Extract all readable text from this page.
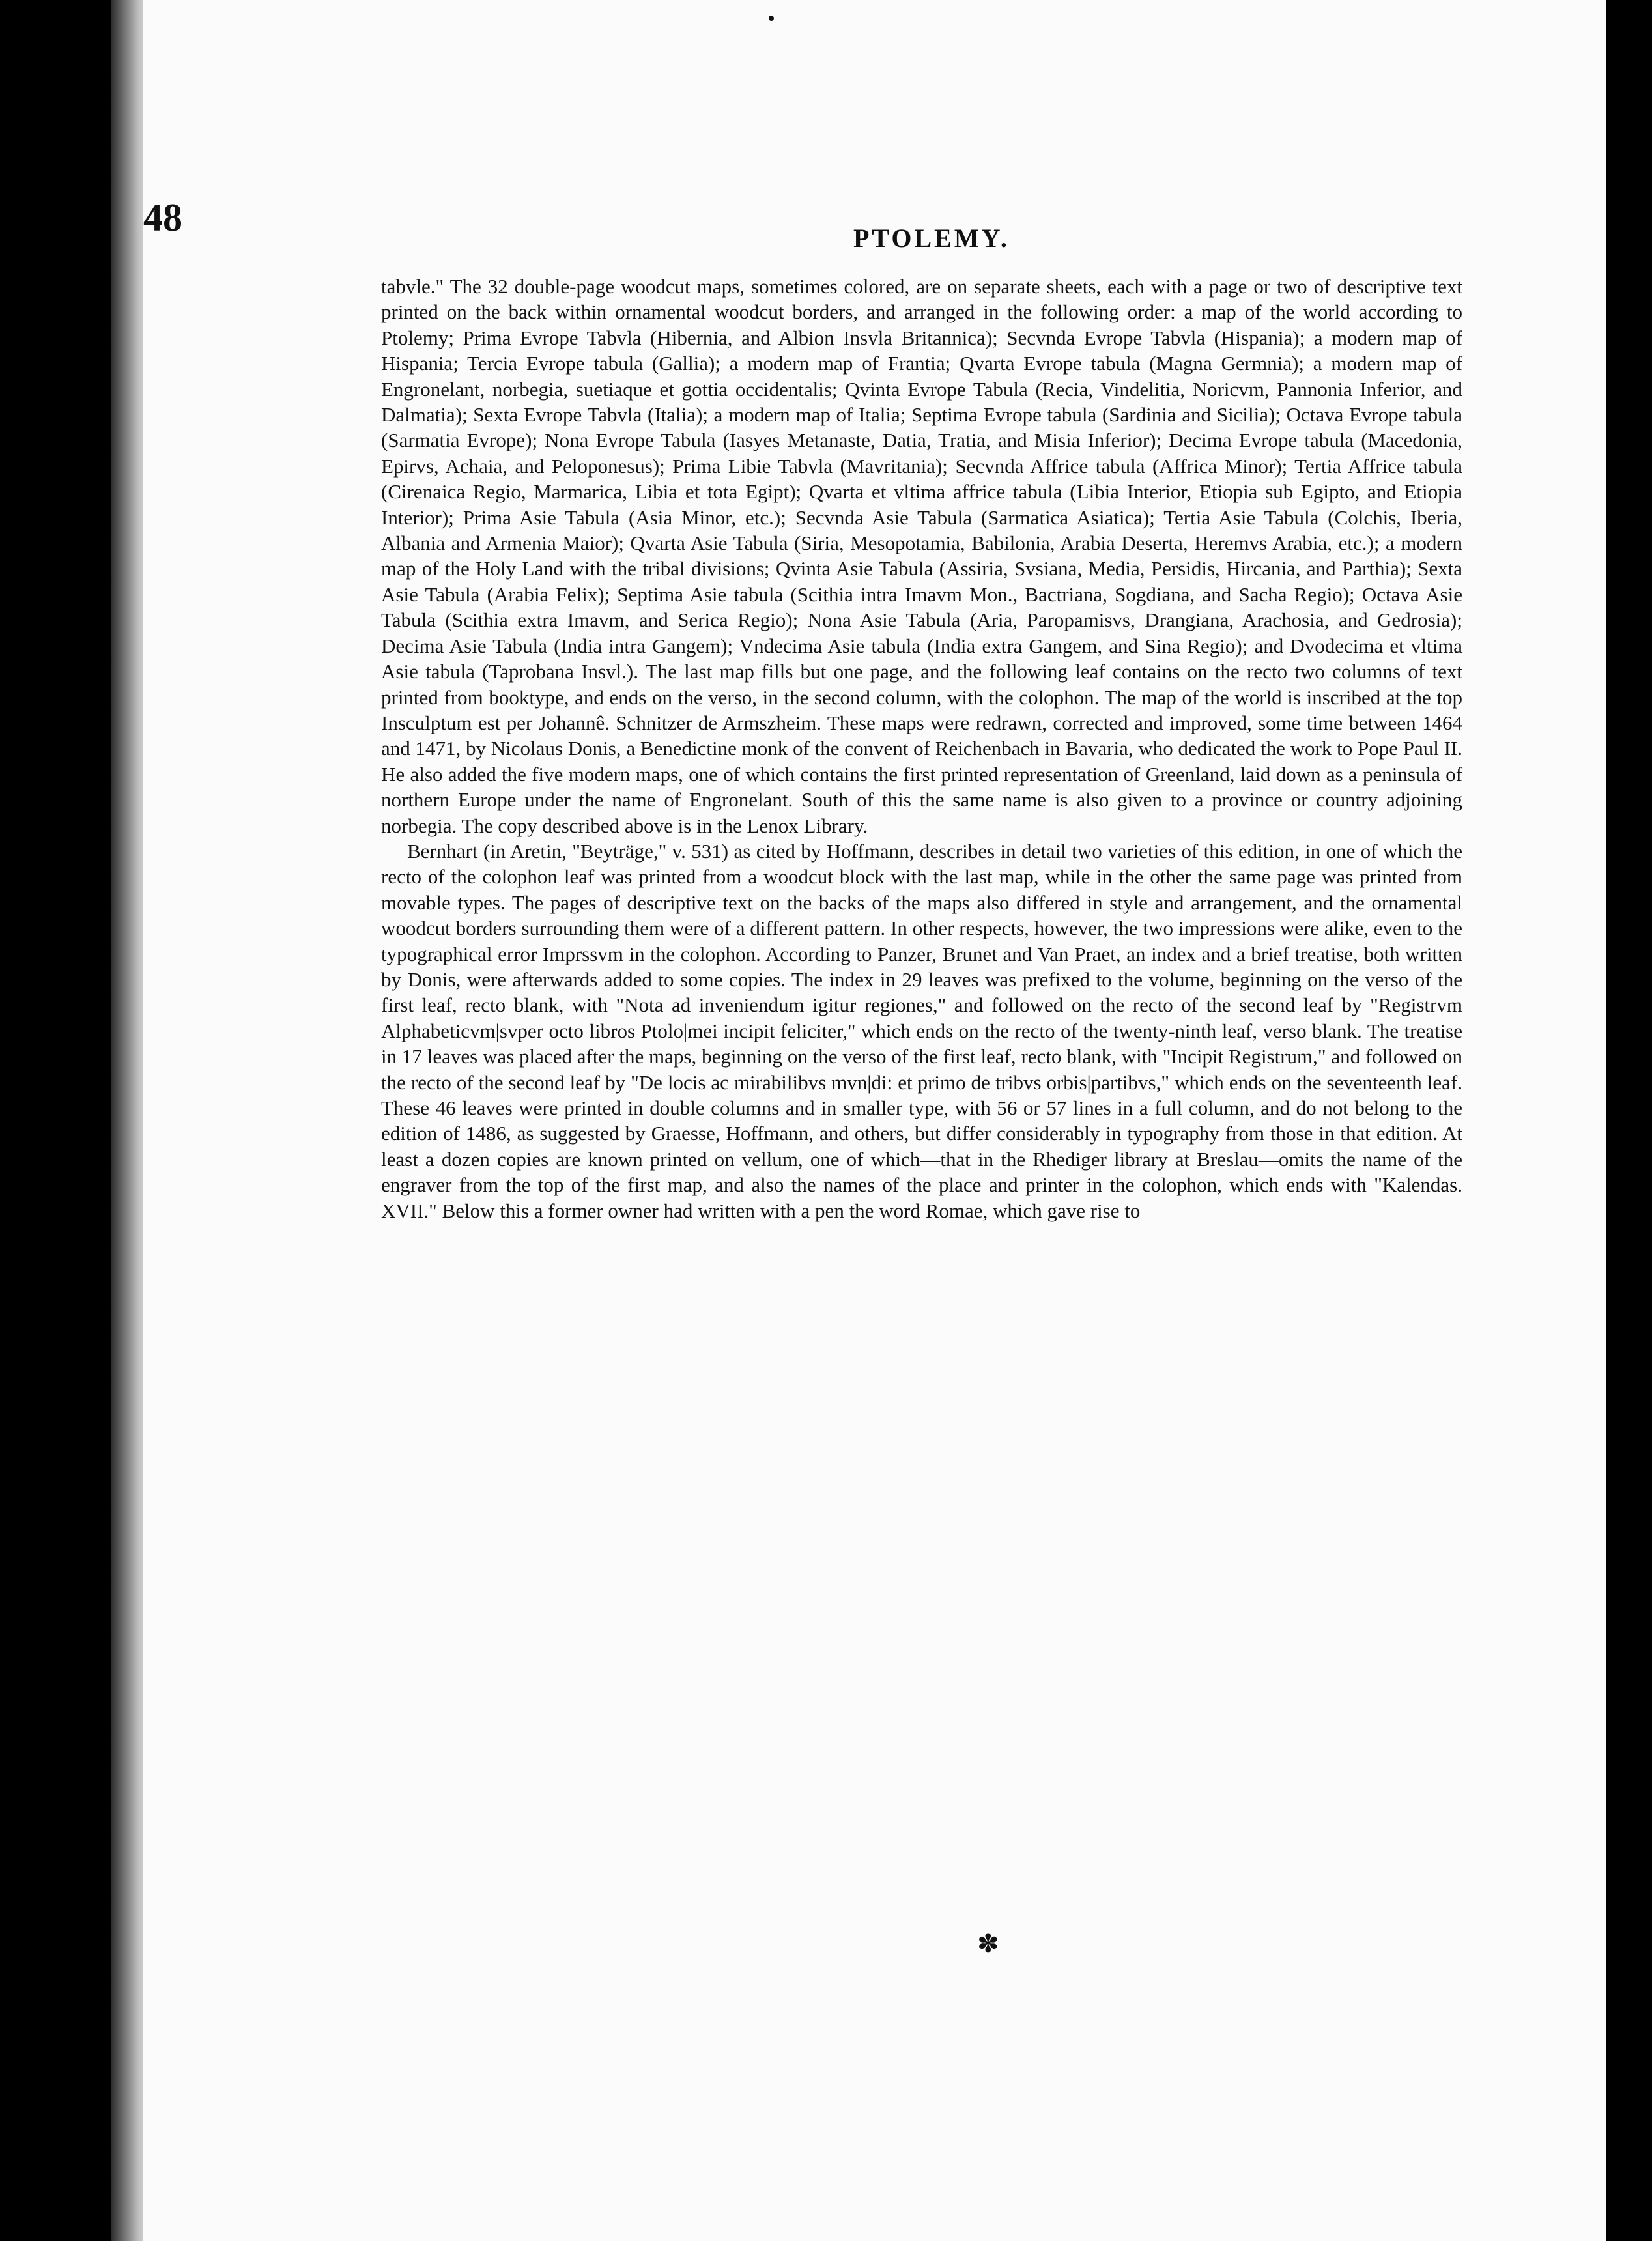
48	PTOLEMY.

tabvle." The 32 double-page woodcut maps, sometimes colored, are on separate sheets, each with a page or two of descriptive text printed on the back within ornamental woodcut borders, and arranged in the following order: a map of the world according to Ptolemy; Prima Evrope Tabvla (Hibernia, and Albion Insvla Britannica); Secvnda Evrope Tabvla (Hispania); a modern map of Hispania; Tercia Evrope tabula (Gallia); a modern map of Frantia; Qvarta Evrope tabula (Magna Germnia); a modern map of Engronelant, norbegia, suetiaque et gottia occidentalis; Qvinta Evrope Tabula (Recia, Vindelitia, Noricvm, Pannonia Inferior, and Dalmatia); Sexta Evrope Tabvla (Italia); a modern map of Italia; Septima Evrope tabula (Sardinia and Sicilia); Octava Evrope tabula (Sarmatia Evrope); Nona Evrope Tabula (Iasyes Metanaste, Datia, Tratia, and Misia Inferior); Decima Evrope tabula (Macedonia, Epirvs, Achaia, and Peloponesus); Prima Libie Tabvla (Mavritania); Secvnda Affrice tabula (Affrica Minor); Tertia Affrice tabula (Cirenaica Regio, Marmarica, Libia et tota Egipt); Qvarta et vltima affrice tabula (Libia Interior, Etiopia sub Egipto, and Etiopia Interior); Prima Asie Tabula (Asia Minor, etc.); Secvnda Asie Tabula (Sarmatica Asiatica); Tertia Asie Tabula (Colchis, Iberia, Albania and Armenia Maior); Qvarta Asie Tabula (Siria, Mesopotamia, Babilonia, Arabia Deserta, Heremvs Arabia, etc.); a modern map of the Holy Land with the tribal divisions; Qvinta Asie Tabula (Assiria, Svsiana, Media, Persidis, Hircania, and Parthia); Sexta Asie Tabula (Arabia Felix); Septima Asie tabula (Scithia intra Imavm Mon., Bactriana, Sogdiana, and Sacha Regio); Octava Asie Tabula (Scithia extra Imavm, and Serica Regio); Nona Asie Tabula (Aria, Paropamisvs, Drangiana, Arachosia, and Gedrosia); Decima Asie Tabula (India intra Gangem); Vndecima Asie tabula (India extra Gangem, and Sina Regio); and Dvodecima et vltima Asie tabula (Taprobana Insvl.). The last map fills but one page, and the following leaf contains on the recto two columns of text printed from booktype, and ends on the verso, in the second column, with the colophon. The map of the world is inscribed at the top Insculptum est per Johannê. Schnitzer de Armszheim. These maps were redrawn, corrected and improved, some time between 1464 and 1471, by Nicolaus Donis, a Benedictine monk of the convent of Reichenbach in Bavaria, who dedicated the work to Pope Paul II. He also added the five modern maps, one of which contains the first printed representation of Greenland, laid down as a peninsula of northern Europe under the name of Engronelant. South of this the same name is also given to a province or country adjoining norbegia. The copy described above is in the Lenox Library.

Bernhart (in Aretin, "Beyträge," v. 531) as cited by Hoffmann, describes in detail two varieties of this edition, in one of which the recto of the colophon leaf was printed from a woodcut block with the last map, while in the other the same page was printed from movable types. The pages of descriptive text on the backs of the maps also differed in style and arrangement, and the ornamental woodcut borders surrounding them were of a different pattern. In other respects, however, the two impressions were alike, even to the typographical error Imprssvm in the colophon. According to Panzer, Brunet and Van Praet, an index and a brief treatise, both written by Donis, were afterwards added to some copies. The index in 29 leaves was prefixed to the volume, beginning on the verso of the first leaf, recto blank, with "Nota ad inveniendum igitur regiones," and followed on the recto of the second leaf by "Registrvm Alphabeticvm|svper octo libros Ptolo|mei incipit feliciter," which ends on the recto of the twenty-ninth leaf, verso blank. The treatise in 17 leaves was placed after the maps, beginning on the verso of the first leaf, recto blank, with "Incipit Registrum," and followed on the recto of the second leaf by "De locis ac mirabilibvs mvn|di: et primo de tribvs orbis|partibvs," which ends on the seventeenth leaf. These 46 leaves were printed in double columns and in smaller type, with 56 or 57 lines in a full column, and do not belong to the edition of 1486, as suggested by Graesse, Hoffmann, and others, but differ considerably in typography from those in that edition. At least a dozen copies are known printed on vellum, one of which—that in the Rhediger library at Breslau—omits the name of the engraver from the top of the first map, and also the names of the place and printer in the colophon, which ends with "Kalendas. XVII." Below this a former owner had written with a pen the word Romae, which gave rise to

✽
